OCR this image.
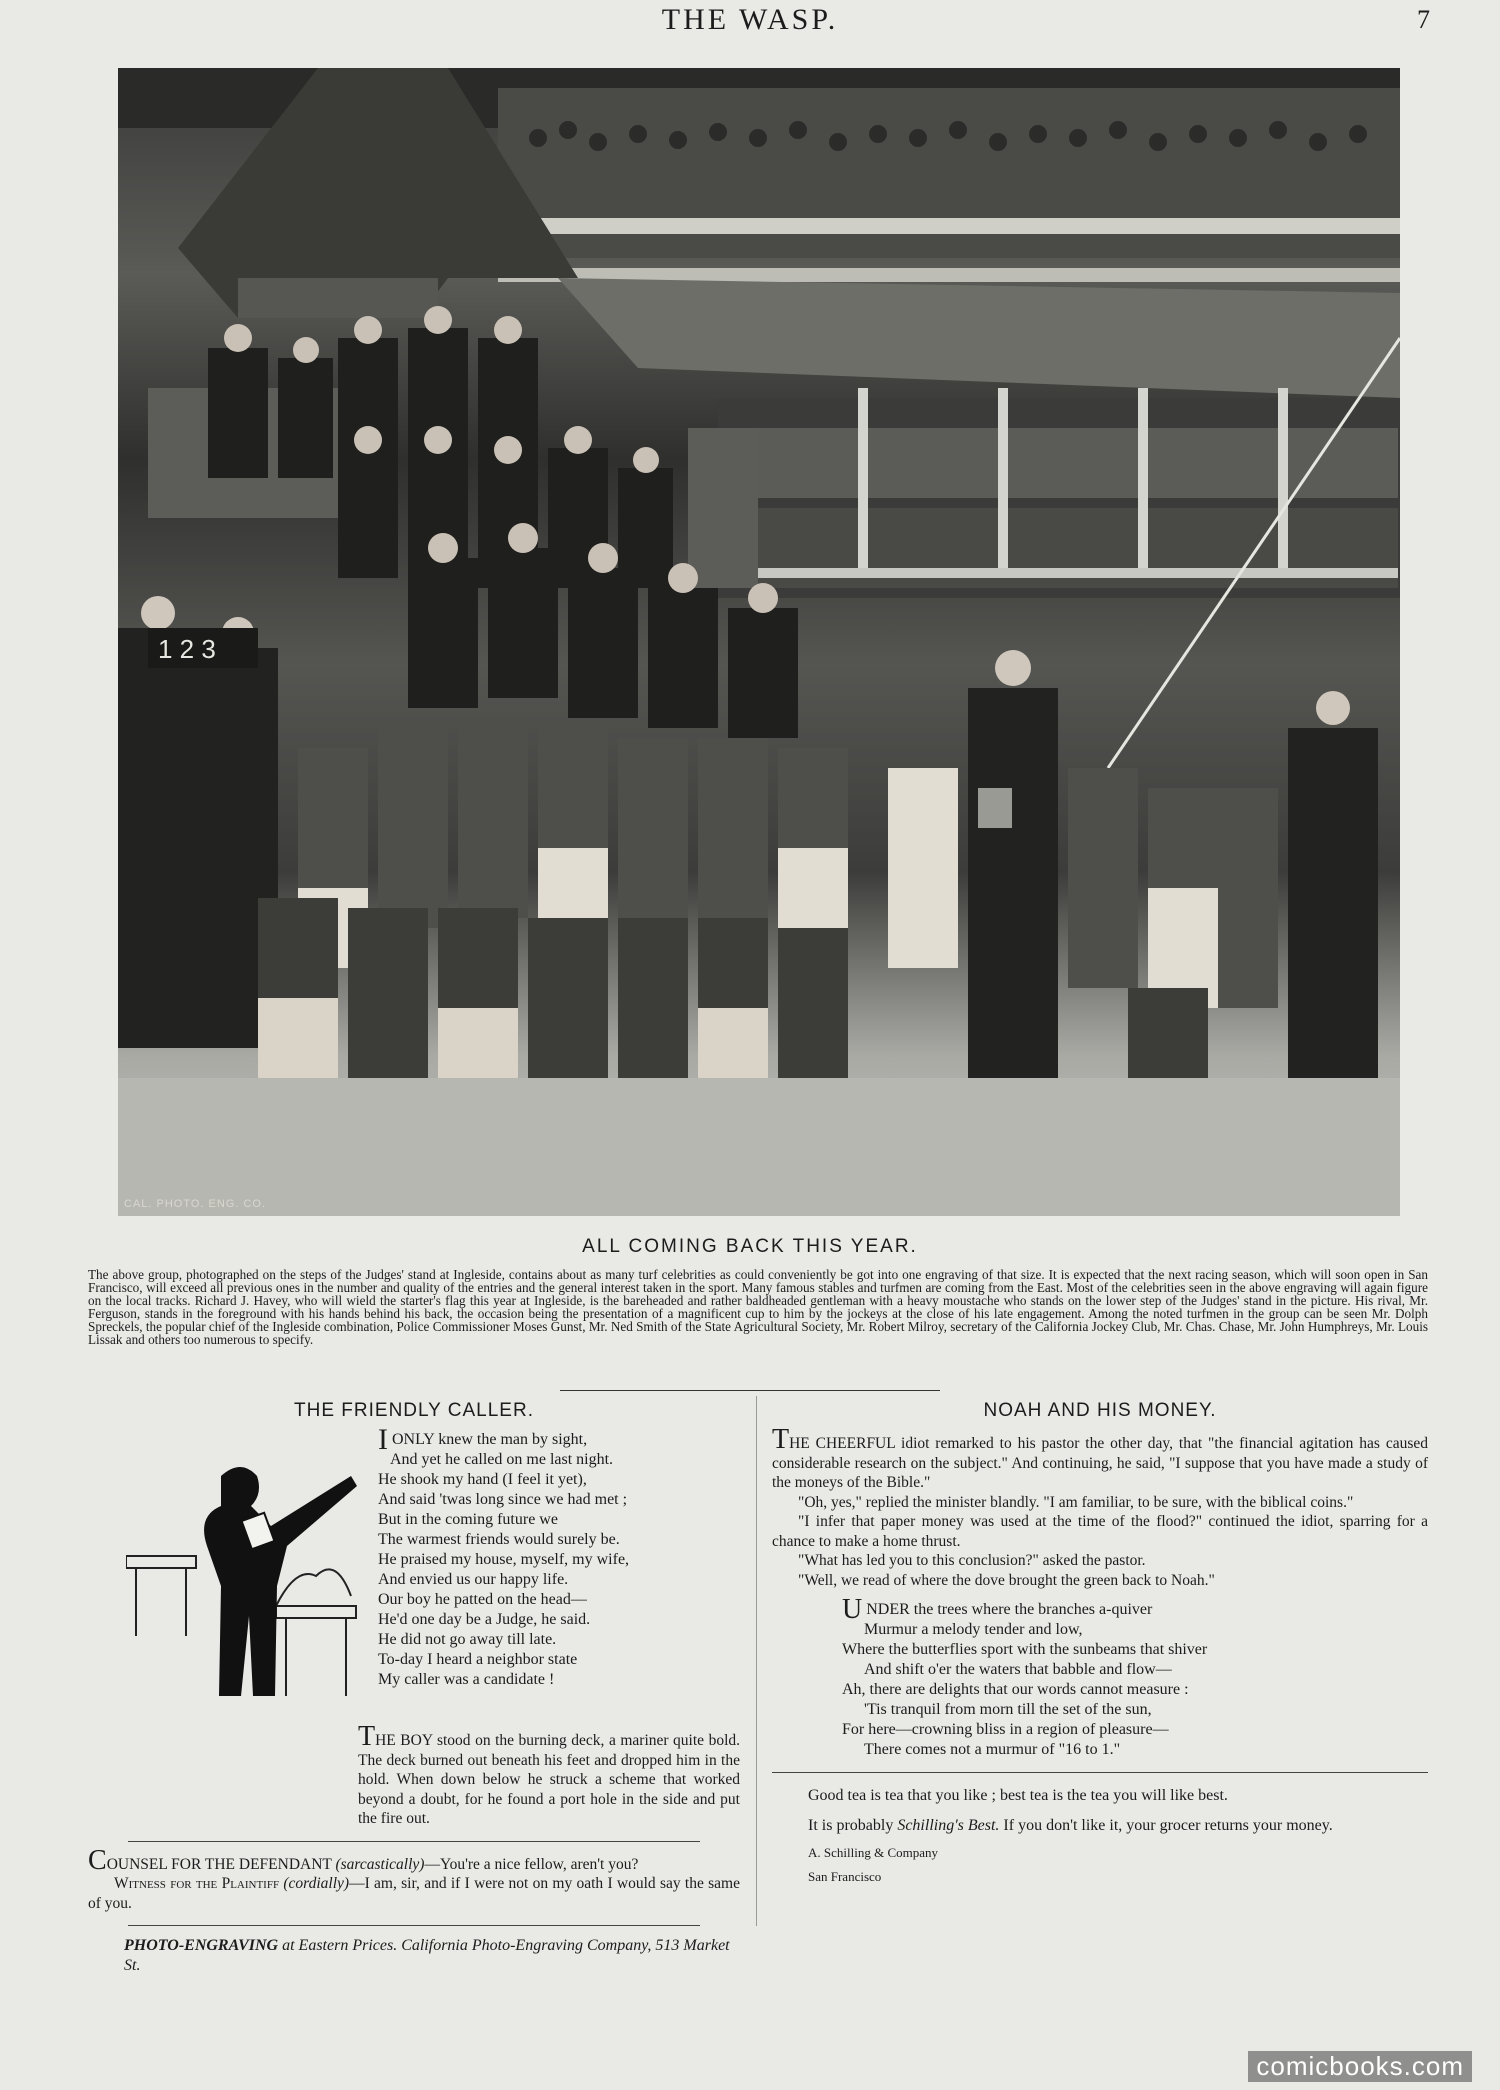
THE WASP.	7
1 2 3
CAL. PHOTO. ENG. CO.
ALL COMING BACK THIS YEAR.
The above group, photographed on the steps of the Judges' stand at Ingleside, contains about as many turf celebrities as could conveniently be got into one engraving of that size. It is expected that the next racing season, which will soon open in San Francisco, will exceed all previous ones in the number and quality of the entries and the general interest taken in the sport. Many famous stables and turfmen are coming from the East. Most of the celebrities seen in the above engraving will again figure on the local tracks. Richard J. Havey, who will wield the starter's flag this year at Ingleside, is the bareheaded and rather baldheaded gentleman with a heavy moustache who stands on the lower step of the Judges' stand in the picture. His rival, Mr. Ferguson, stands in the foreground with his hands behind his back, the occasion being the presentation of a magnificent cup to him by the jockeys at the close of his late engagement. Among the noted turfmen in the group can be seen Mr. Dolph Spreckels, the popular chief of the Ingleside combination, Police Commissioner Moses Gunst, Mr. Ned Smith of the State Agricultural Society, Mr. Robert Milroy, secretary of the California Jockey Club, Mr. Chas. Chase, Mr. John Humphreys, Mr. Louis Lissak and others too numerous to specify.
THE FRIENDLY CALLER.

IONLY knew the man by sight,

And yet he called on me last night.

He shook my hand (I feel it yet),

And said 'twas long since we had met ;

But in the coming future we

The warmest friends would surely be.

He praised my house, myself, my wife,

And envied us our happy life.

Our boy he patted on the head—

He'd one day be a Judge, he said.

He did not go away till late.

To-day I heard a neighbor state

My caller was a candidate !

THE BOY stood on the burning deck, a mariner quite bold. The deck burned out beneath his feet and dropped him in the hold. When down below he struck a scheme that worked beyond a doubt, for he found a port hole in the side and put the fire out.
COUNSEL FOR THE DEFENDANT (sarcastically)—You're a nice fellow, aren't you?
Witness for the Plaintiff (cordially)—I am, sir, and if I were not on my oath I would say the same of you.
PHOTO-ENGRAVING at Eastern Prices. California Photo-Engraving Company, 513 Market St.
NOAH AND HIS MONEY.
THE CHEERFUL idiot remarked to his pastor the other day, that "the financial agitation has caused considerable research on the subject." And continuing, he said, "I suppose that you have made a study of the moneys of the Bible."
"Oh, yes," replied the minister blandly. "I am familiar, to be sure, with the biblical coins."
"I infer that paper money was used at the time of the flood?" continued the idiot, sparring for a chance to make a home thrust.
"What has led you to this conclusion?" asked the pastor.
"Well, we read of where the dove brought the green back to Noah."

UNDER the trees where the branches a-quiver

Murmur a melody tender and low,

Where the butterflies sport with the sunbeams that shiver

And shift o'er the waters that babble and flow—

Ah, there are delights that our words cannot measure :

'Tis tranquil from morn till the set of the sun,

For here—crowning bliss in a region of pleasure—

There comes not a murmur of "16 to 1."

Good tea is tea that you like ; best tea is the tea you will like best.
It is probably Schilling's Best. If you don't like it, your grocer returns your money.
A. Schilling & Company
San Francisco
comicbooks.com
